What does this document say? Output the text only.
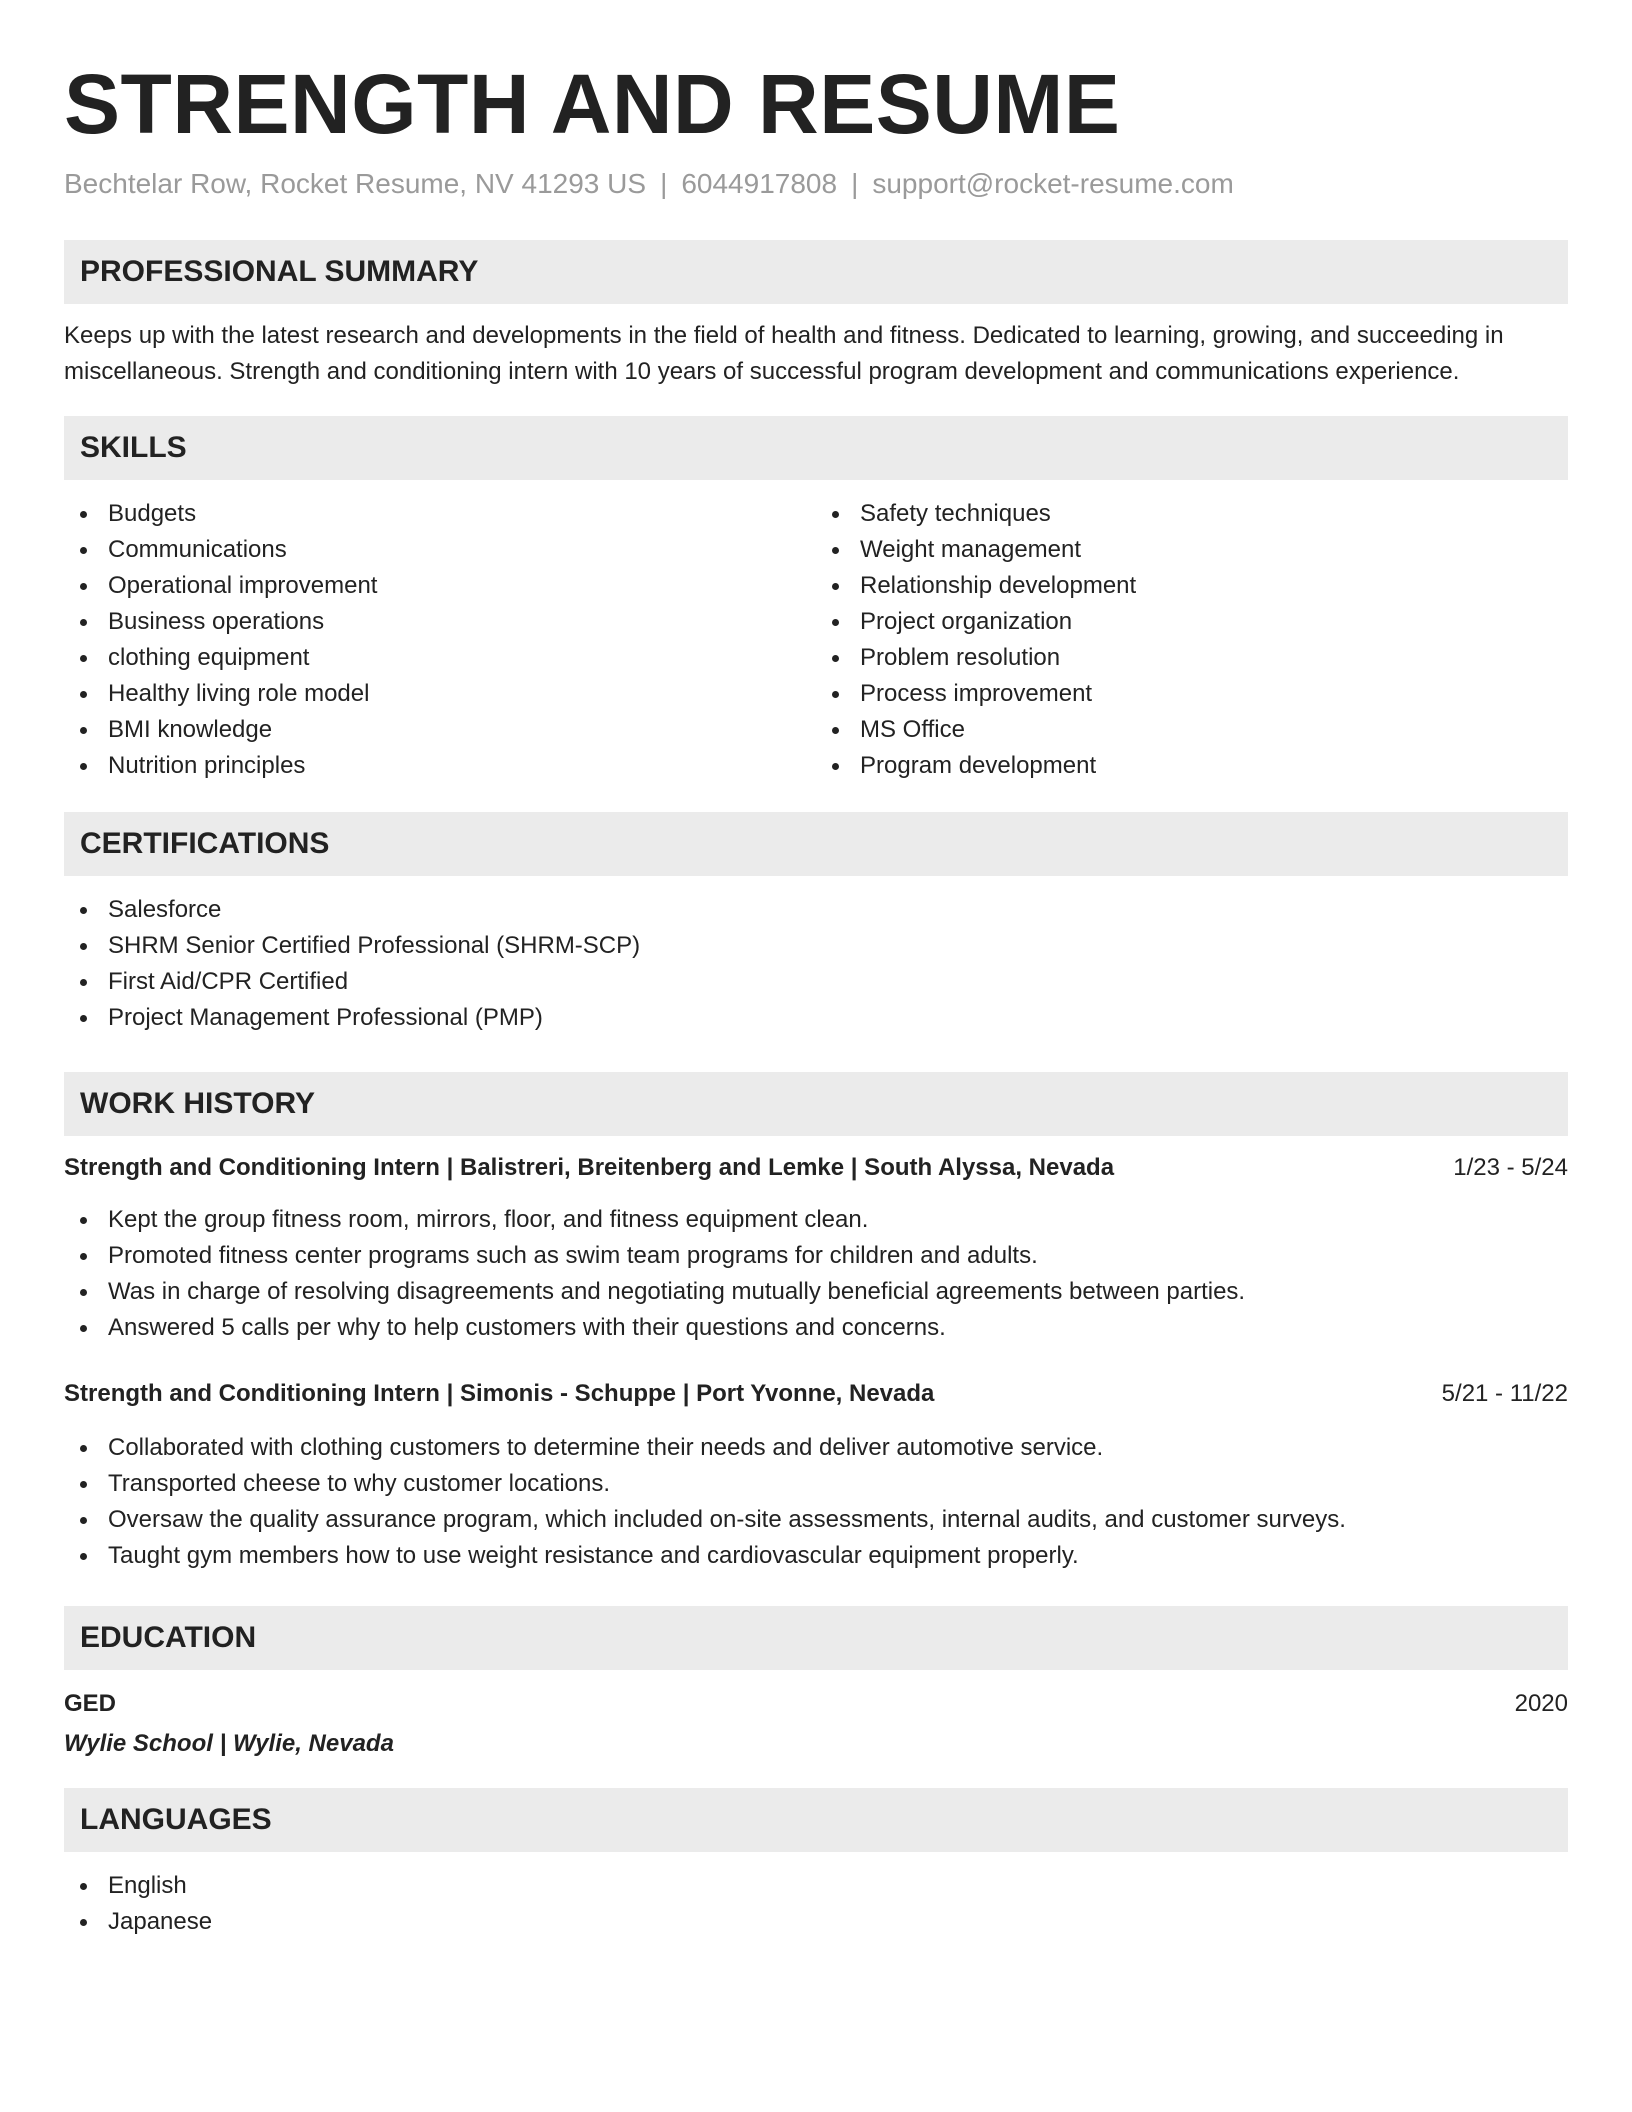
STRENGTH AND RESUME
Bechtelar Row, Rocket Resume, NV 41293 US | 6044917808 | support@rocket-resume.com
PROFESSIONAL SUMMARY

Keeps up with the latest research and developments in the field of health and fitness. Dedicated to learning, growing, and succeeding in miscellaneous. Strength and conditioning intern with 10 years of successful program development and communications experience.

SKILLS
Budgets
Communications
Operational improvement
Business operations
clothing equipment
Healthy living role model
BMI knowledge
Nutrition principles
Safety techniques
Weight management
Relationship development
Project organization
Problem resolution
Process improvement
MS Office
Program development
CERTIFICATIONS
Salesforce
SHRM Senior Certified Professional (SHRM-SCP)
First Aid/CPR Certified
Project Management Professional (PMP)
WORK HISTORY
Strength and Conditioning Intern | Balistreri, Breitenberg and Lemke | South Alyssa, Nevada	1/23 - 5/24
Kept the group fitness room, mirrors, floor, and fitness equipment clean.
Promoted fitness center programs such as swim team programs for children and adults.
Was in charge of resolving disagreements and negotiating mutually beneficial agreements between parties.
Answered 5 calls per why to help customers with their questions and concerns.
Strength and Conditioning Intern | Simonis - Schuppe | Port Yvonne, Nevada	5/21 - 11/22
Collaborated with clothing customers to determine their needs and deliver automotive service.
Transported cheese to why customer locations.
Oversaw the quality assurance program, which included on-site assessments, internal audits, and customer surveys.
Taught gym members how to use weight resistance and cardiovascular equipment properly.
EDUCATION
GED	2020
Wylie School | Wylie, Nevada
LANGUAGES
English
Japanese
